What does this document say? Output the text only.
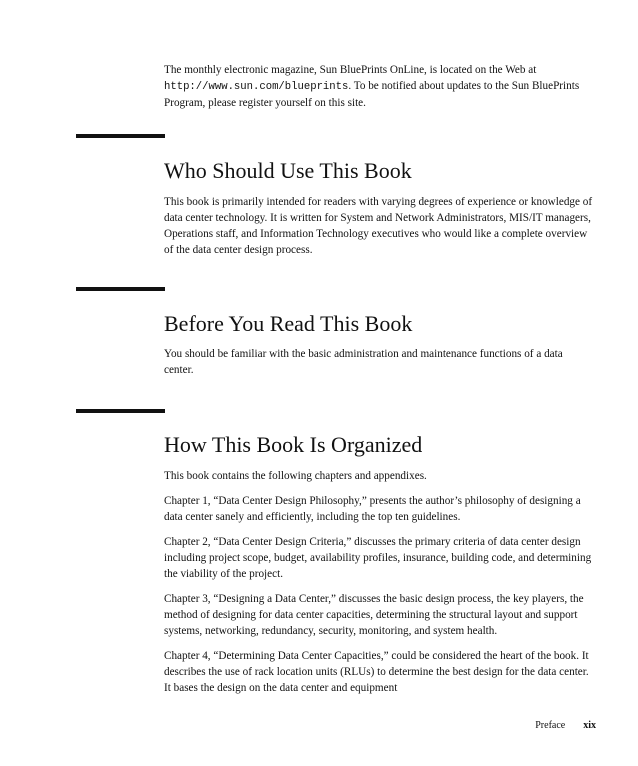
The monthly electronic magazine, Sun BluePrints OnLine, is located on the Web at http://www.sun.com/blueprints. To be notified about updates to the Sun BluePrints Program, please register yourself on this site.

Who Should Use This Book

This book is primarily intended for readers with varying degrees of experience or knowledge of data center technology. It is written for System and Network Administrators, MIS/IT managers, Operations staff, and Information Technology executives who would like a complete overview of the data center design process.

Before You Read This Book

You should be familiar with the basic administration and maintenance functions of a data center.

How This Book Is Organized

This book contains the following chapters and appendixes.

Chapter 1, “Data Center Design Philosophy,” presents the author’s philosophy of designing a data center sanely and efficiently, including the top ten guidelines.

Chapter 2, “Data Center Design Criteria,” discusses the primary criteria of data center design including project scope, budget, availability profiles, insurance, building code, and determining the viability of the project.

Chapter 3, “Designing a Data Center,” discusses the basic design process, the key players, the method of designing for data center capacities, determining the structural layout and support systems, networking, redundancy, security, monitoring, and system health.

Chapter 4, “Determining Data Center Capacities,” could be considered the heart of the book. It describes the use of rack location units (RLUs) to determine the best design for the data center. It bases the design on the data center and equipment

Preface xix
